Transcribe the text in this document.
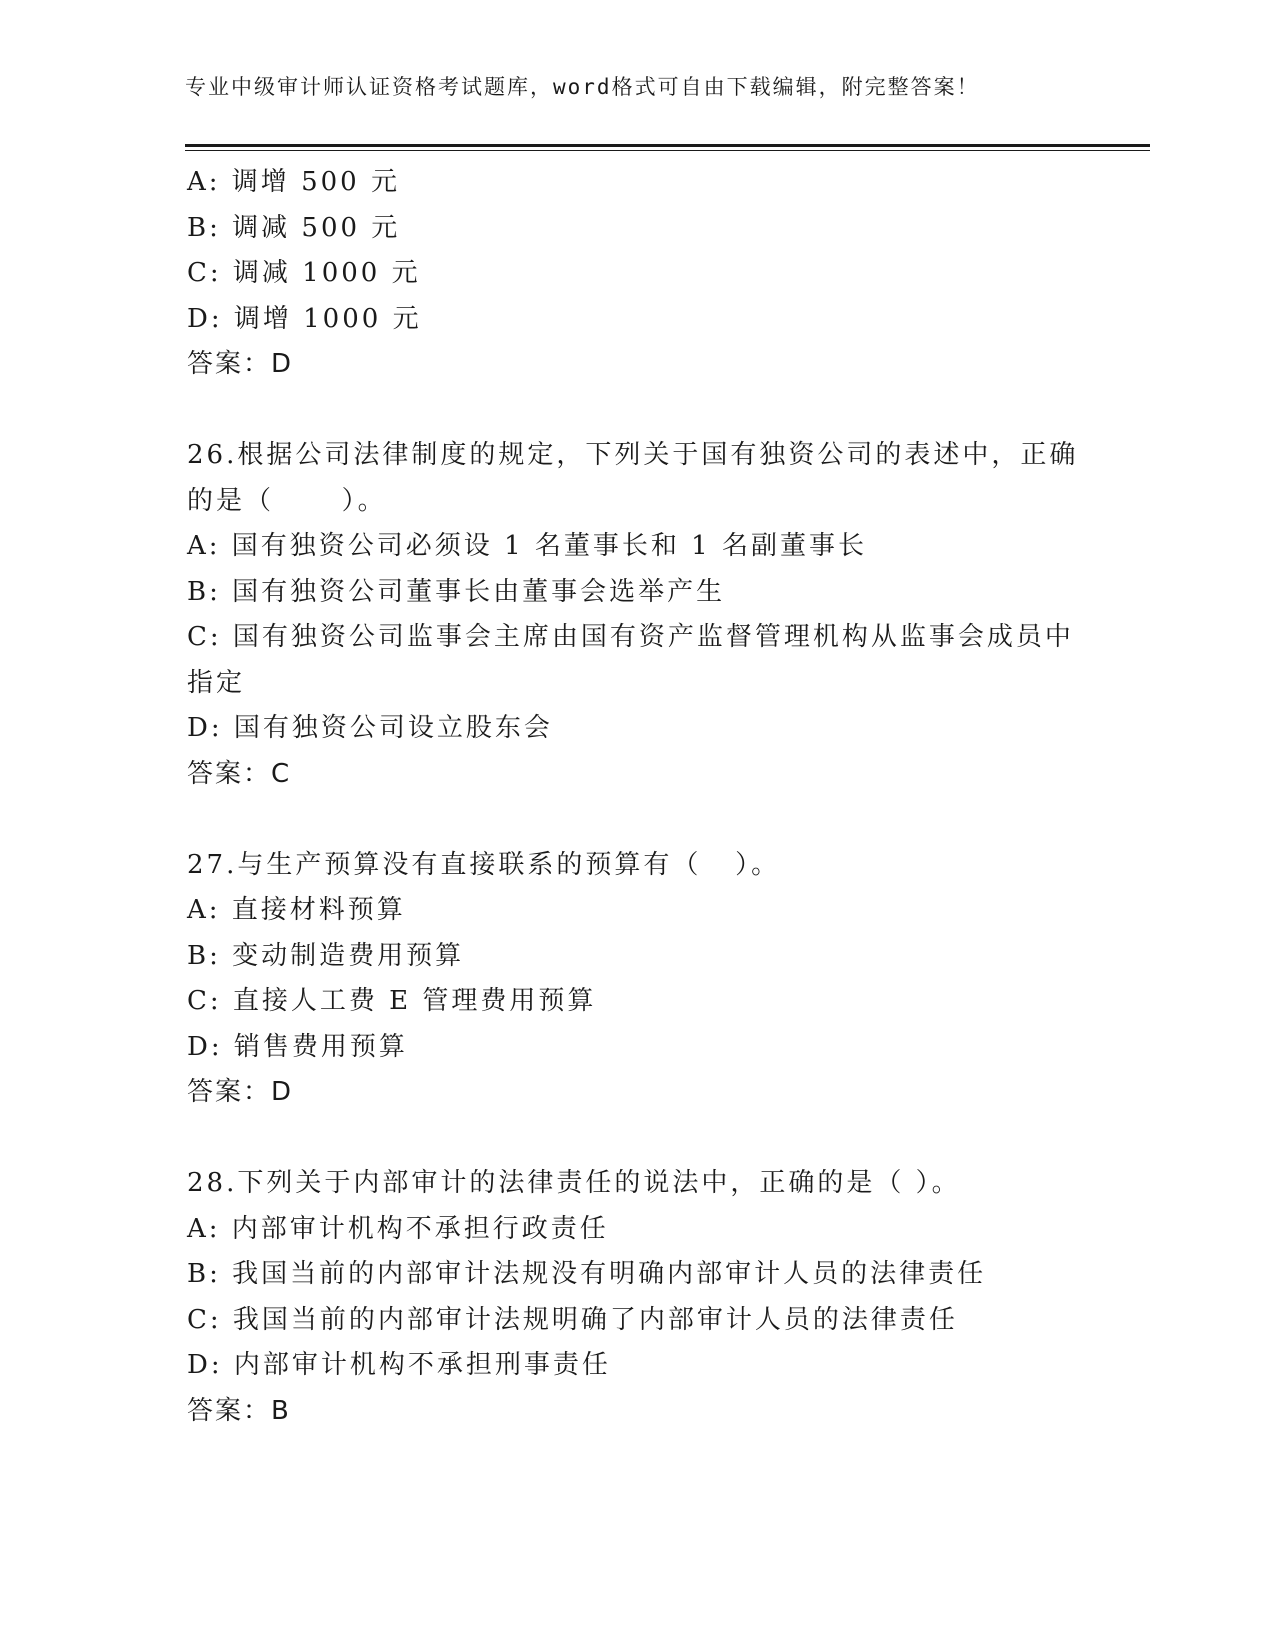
专业中级审计师认证资格考试题库，word格式可自由下载编辑，附完整答案！
A: 调增 500 元
B: 调减 500 元
C: 调减 1000 元
D: 调增 1000 元
答案：D
26.根据公司法律制度的规定，下列关于国有独资公司的表述中，正确
的是（      ）。
A: 国有独资公司必须设 1 名董事长和 1 名副董事长
B: 国有独资公司董事长由董事会选举产生
C: 国有独资公司监事会主席由国有资产监督管理机构从监事会成员中
指定
D: 国有独资公司设立股东会
答案：C
27.与生产预算没有直接联系的预算有（   ）。
A: 直接材料预算
B: 变动制造费用预算
C: 直接人工费 E 管理费用预算
D: 销售费用预算
答案：D
28.下列关于内部审计的法律责任的说法中，正确的是（ ）。
A: 内部审计机构不承担行政责任
B: 我国当前的内部审计法规没有明确内部审计人员的法律责任
C: 我国当前的内部审计法规明确了内部审计人员的法律责任
D: 内部审计机构不承担刑事责任
答案：B
